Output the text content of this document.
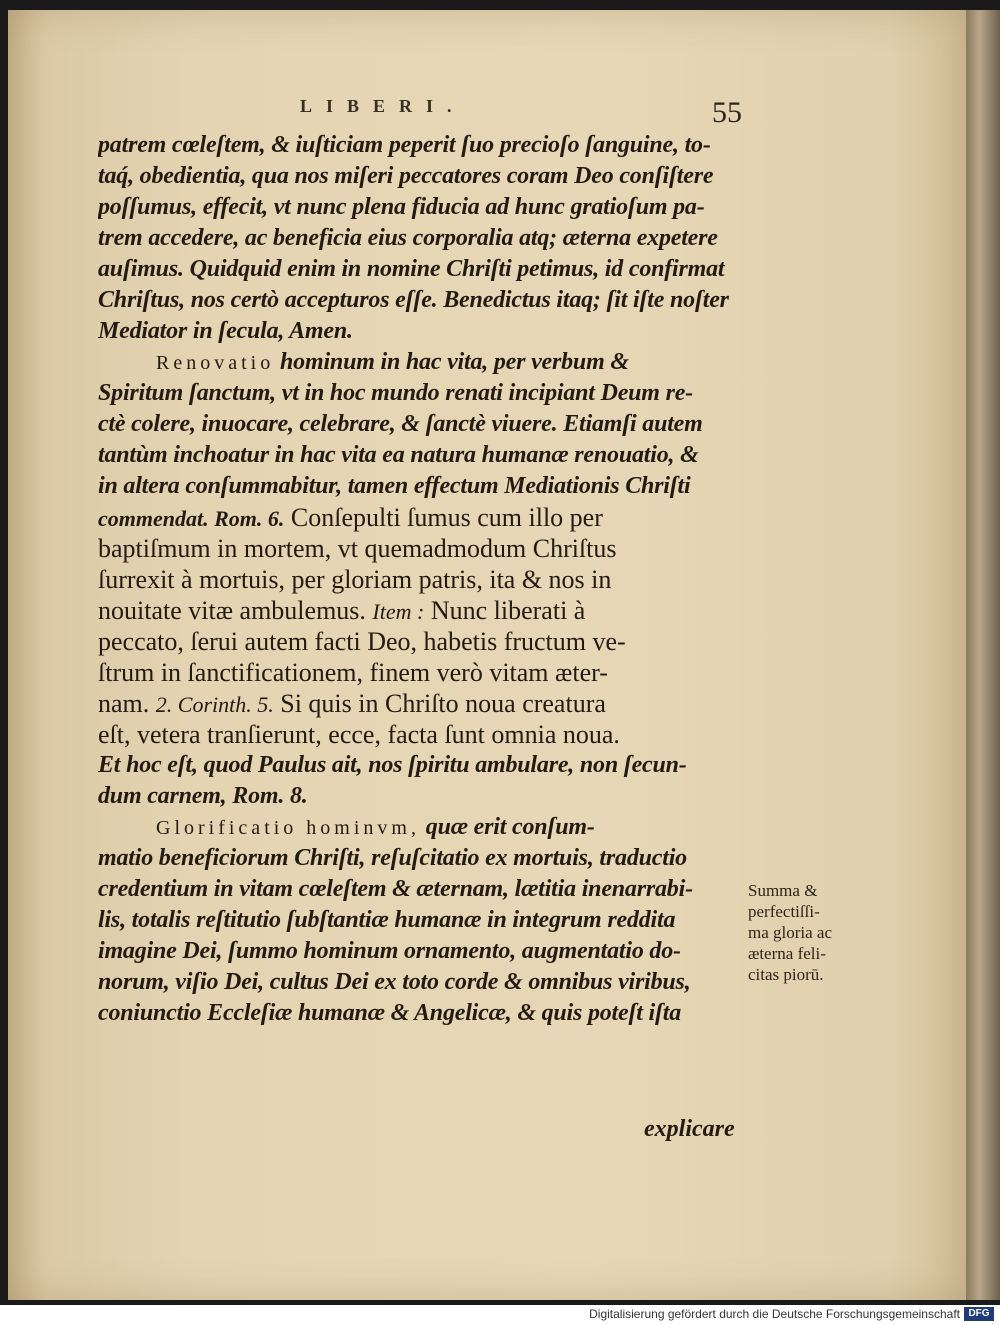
LIBERI.	55
patrem cœleſtem, & iuſticiam peperit ſuo precioſo ſanguine, to-
taq́, obedientia, qua nos miſeri peccatores coram Deo conſiſtere
poſſumus, effecit, vt nunc plena fiducia ad hunc gratioſum pa-
trem accedere, ac beneficia eius corporalia atq; æterna expetere
auſimus. Quidquid enim in nomine Chriſti petimus, id confirmat
Chriſtus, nos certò accepturos eſſe. Benedictus itaq; ſit iſte noſter
Mediator in ſecula, Amen.
Renovatio hominum in hac vita, per verbum &
Spiritum ſanctum, vt in hoc mundo renati incipiant Deum re-
ctè colere, inuocare, celebrare, & ſanctè viuere. Etiamſi autem
tantùm inchoatur in hac vita ea natura humanæ renouatio, &
in altera conſummabitur, tamen effectum Mediationis Chriſti
commendat. Rom. 6. Conſepulti ſumus cum illo per
baptiſmum in mortem, vt quemadmodum Chriſtus
ſurrexit à mortuis, per gloriam patris, ita & nos in
nouitate vitæ ambulemus. Item : Nunc liberati à
peccato, ſerui autem facti Deo, habetis fructum ve-
ſtrum in ſanctificationem, finem verò vitam æter-
nam. 2. Corinth. 5. Si quis in Chriſto noua creatura
eſt, vetera tranſierunt, ecce, facta ſunt omnia noua.
Et hoc eſt, quod Paulus ait, nos ſpiritu ambulare, non ſecun-
dum carnem, Rom. 8.
Glorificatio hominvm, quæ erit conſum-
matio beneficiorum Chriſti, reſuſcitatio ex mortuis, traductio
credentium in vitam cœleſtem & æternam, lætitia inenarrabi-
lis, totalis reſtitutio ſubſtantiæ humanæ in integrum reddita
imagine Dei, ſummo hominum ornamento, augmentatio do-
norum, viſio Dei, cultus Dei ex toto corde & omnibus viribus,
coniunctio Eccleſiæ humanæ & Angelicæ, & quis poteſt iſta
explicare
Summa &
perfectiſſi-
ma gloria ac
æterna feli-
citas piorū.
Digitalisierung gefördert durch die Deutsche Forschungsgemeinschaft DFG
